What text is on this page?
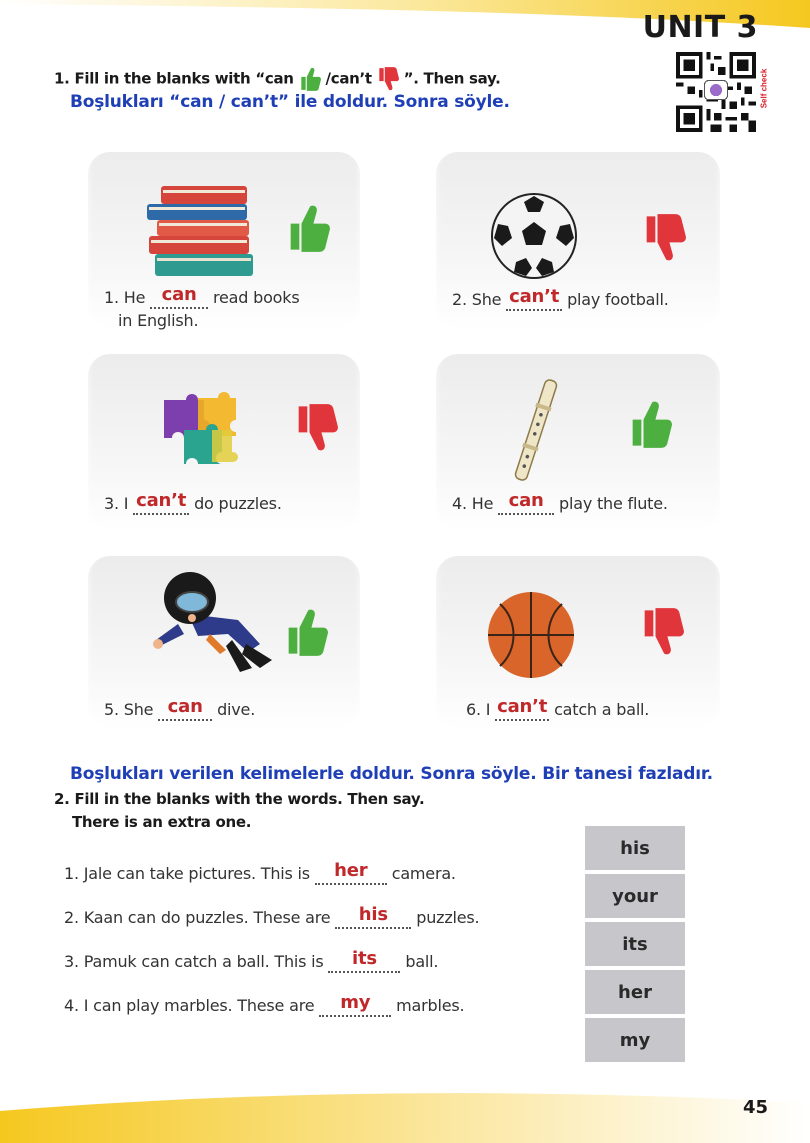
UNIT 3
Self check
1. Fill in the blanks with “can /can’t ”. Then say.
Boşlukları “can / can’t” ile doldur. Sonra söyle.
1. He can	read books
in English.
2. She can’t play football.
3. I can’t do puzzles.	4. He can play the flute.
5. She can dive.	6. I can’t catch a ball.
Boşlukları verilen kelimelerle doldur. Sonra söyle. Bir tanesi fazladır.
2. Fill in the blanks with the words. Then say.
There is an extra one.
1. Jale can take pictures. This is	her	camera.
2. Kaan can do puzzles. These are	his	puzzles.
3. Pamuk can catch a ball. This is	its	ball.
4. I can play marbles. These are	my	marbles.
his
your
its
her
my
45
